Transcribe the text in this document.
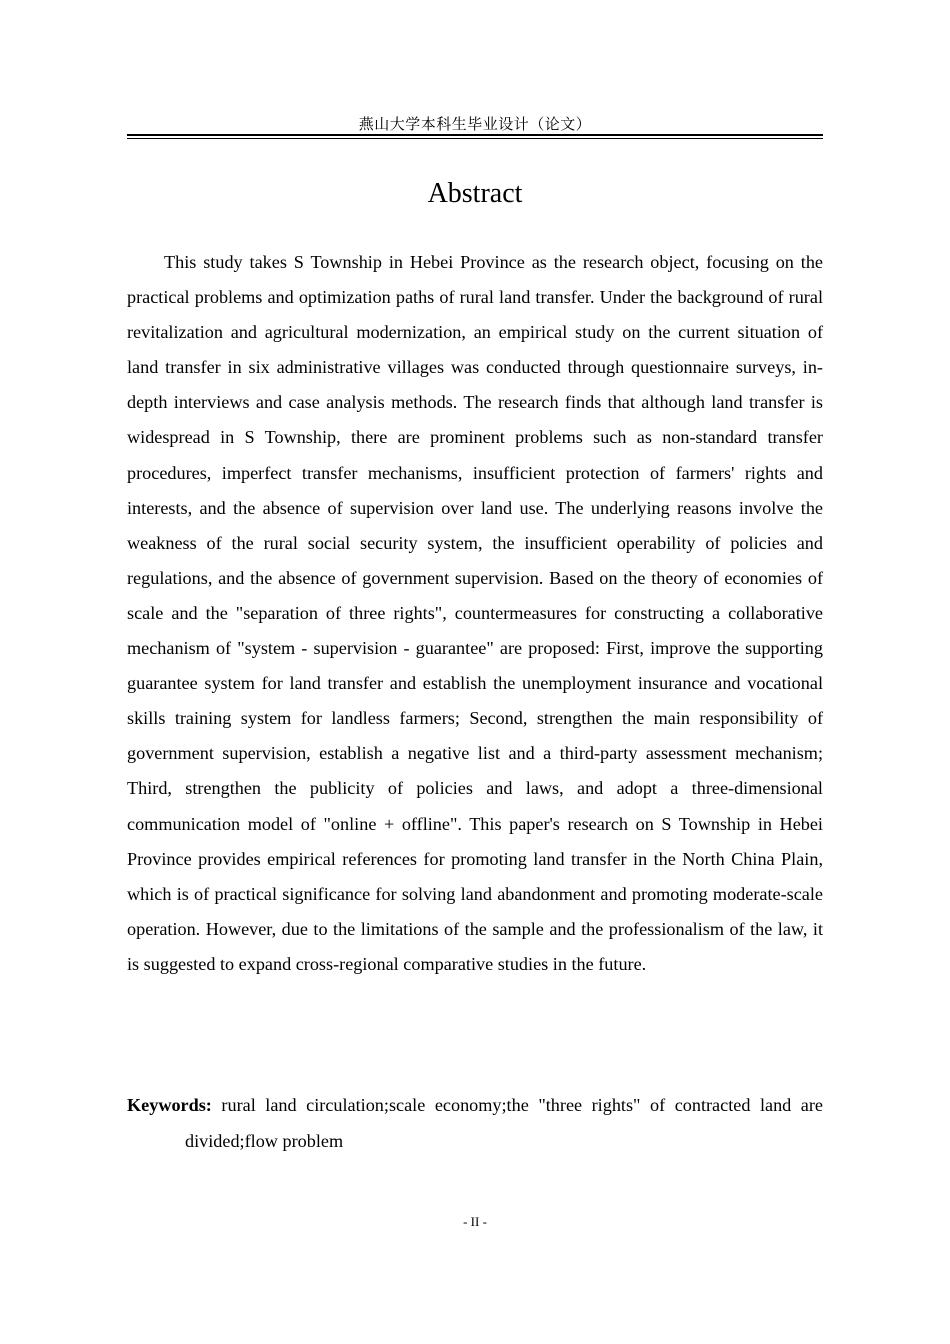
燕山大学本科生毕业设计（论文）
Abstract

This study takes S Township in Hebei Province as the research object, focusing on the practical problems and optimization paths of rural land transfer. Under the background of rural revitalization and agricultural modernization, an empirical study on the current situation of land transfer in six administrative villages was conducted through questionnaire surveys, in-depth interviews and case analysis methods. The research finds that although land transfer is widespread in S Township, there are prominent problems such as non-standard transfer procedures, imperfect transfer mechanisms, insufficient protection of farmers' rights and interests, and the absence of supervision over land use. The underlying reasons involve the weakness of the rural social security system, the insufficient operability of policies and regulations, and the absence of government supervision. Based on the theory of economies of scale and the "separation of three rights", countermeasures for constructing a collaborative mechanism of "system - supervision - guarantee" are proposed: First, improve the supporting guarantee system for land transfer and establish the unemployment insurance and vocational skills training system for landless farmers; Second, strengthen the main responsibility of government supervision, establish a negative list and a third-party assessment mechanism; Third, strengthen the publicity of policies and laws, and adopt a three-dimensional communication model of "online + offline". This paper's research on S Township in Hebei Province provides empirical references for promoting land transfer in the North China Plain, which is of practical significance for solving land abandonment and promoting moderate-scale operation. However, due to the limitations of the sample and the professionalism of the law, it is suggested to expand cross-regional comparative studies in the future.

Keywords: rural land circulation;scale economy;the "three rights" of contracted land are divided;flow problem

- II -
